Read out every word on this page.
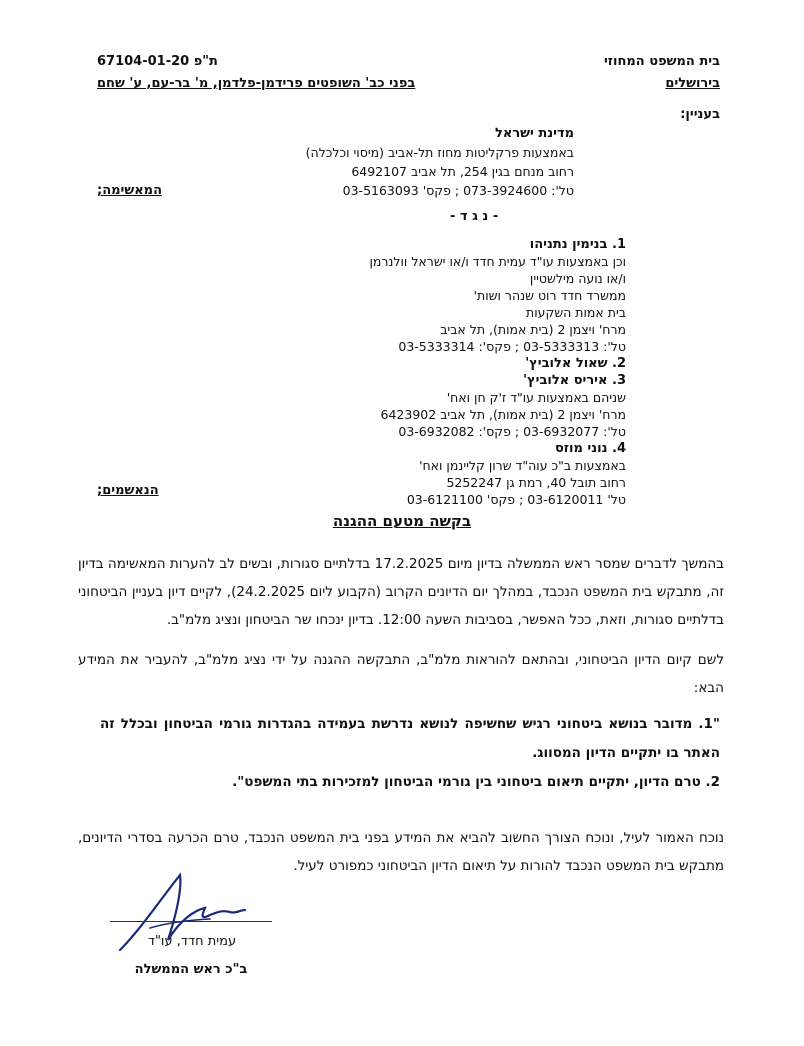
בית המשפט המחוזי
בירושלים
ת"פ 67104-01-20
בפני כב' השופטים פרידמן-פלדמן, מ' בר-עם, ע' שחם
בעניין:
מדינת ישראל
באמצעות פרקליטות מחוז תל-אביב (מיסוי וכלכלה)
רחוב מנחם בגין 254, תל אביב 6492107
טל': 073-3924600 ; פקס' 03-5163093
המאשימה;
- נ ג ד -
1. בנימין נתניהו
וכן באמצעות עו"ד עמית חדד ו/או ישראל וולנרמן
ו/או נועה מילשטיין
ממשרד חדד רוט שנהר ושות'
בית אמות השקעות
מרח' ויצמן 2 (בית אמות), תל אביב
טל': 03-5333313 ; פקס': 03-5333314
2. שאול אלוביץ'
3. איריס אלוביץ'
שניהם באמצעות עו"ד ז'ק חן ואח'
מרח' ויצמן 2 (בית אמות), תל אביב 6423902
טל': 03-6932077 ; פקס': 03-6932082
4. נוני מוזס
באמצעות ב"כ עוה"ד שרון קליינמן ואח'
רחוב תובל 40, רמת גן 5252247
טל' 03-6120011 ; פקס' 03-6121100
הנאשמים;
בקשה מטעם ההגנה
בהמשך לדברים שמסר ראש הממשלה בדיון מיום 17.2.2025 בדלתיים סגורות, ובשים לב להערות המאשימה בדיון זה, מתבקש בית המשפט הנכבד, במהלך יום הדיונים הקרוב (הקבוע ליום 24.2.2025), לקיים דיון בעניין הביטחוני בדלתיים סגורות, וזאת, ככל האפשר, בסביבות השעה 12:00. בדיון ינכחו שר הביטחון ונציג מלמ"ב.
לשם קיום הדיון הביטחוני, ובהתאם להוראות מלמ"ב, התבקשה ההגנה על ידי נציג מלמ"ב, להעביר את המידע הבא:
"1. מדובר בנושא ביטחוני רגיש שחשיפה לנושא נדרשת בעמידה בהגדרות גורמי הביטחון ובכלל זה האתר בו יתקיים הדיון המסווג.
2. טרם הדיון, יתקיים תיאום ביטחוני בין גורמי הביטחון למזכירות בתי המשפט".
נוכח האמור לעיל, ונוכח הצורך החשוב להביא את המידע בפני בית המשפט הנכבד, טרם הכרעה בסדרי הדיונים, מתבקש בית המשפט הנכבד להורות על תיאום הדיון הביטחוני כמפורט לעיל.
עמית חדד, עו"ד
ב"כ ראש הממשלה
